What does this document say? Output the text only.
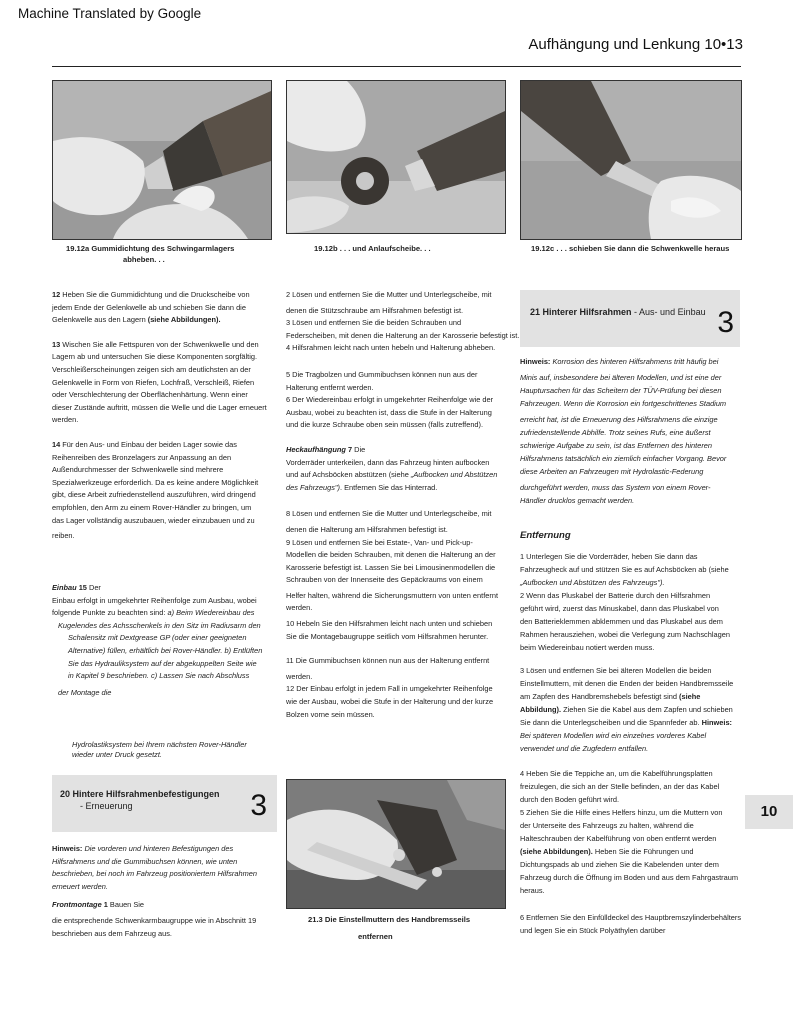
Machine Translated by Google
Aufhängung und Lenkung 10•13
19.12a Gummidichtung des Schwingarmlagers
abheben. . .
19.12b . . . und Anlaufscheibe. . .	19.12c . . . schieben Sie dann die Schwenkwelle heraus
12 Heben Sie die Gummidichtung und die Druckscheibe von
jedem Ende der Gelenkwelle ab und schieben Sie dann die
Gelenkwelle aus den Lagern (siehe Abbildungen).
13 Wischen Sie alle Fettspuren von der Schwenkwelle und den
Lagern ab und untersuchen Sie diese Komponenten sorgfältig.
Verschleißerscheinungen zeigen sich am deutlichsten an der
Gelenkwelle in Form von Riefen, Lochfraß, Verschleiß, Riefen
oder Verschlechterung der Oberflächenhärtung. Wenn einer
dieser Zustände auftritt, müssen die Welle und die Lager erneuert
werden.
14 Für den Aus- und Einbau der beiden Lager sowie das
Reihenreiben des Bronzelagers zur Anpassung an den
Außendurchmesser der Schwenkwelle sind mehrere
Spezialwerkzeuge erforderlich. Da es keine andere Möglichkeit
gibt, diese Arbeit zufriedenstellend auszuführen, wird dringend
empfohlen, den Arm zu einem Rover-Händler zu bringen, um
das Lager vollständig auszubauen, wieder einzubauen und zu
reiben.
Einbau 15 Der
Einbau erfolgt in umgekehrter Reihenfolge zum Ausbau, wobei
folgende Punkte zu beachten sind: a) Beim Wiedereinbau des
Kugelendes des Achsschenkels in den Sitz im Radiusarm den
Schalensitz mit Dextgrease GP (oder einer geeigneten
Alternative) füllen, erhältlich bei Rover-Händler. b) Entlüften
Sie das Hydrauliksystem auf der abgekuppelten Seite wie
in Kapitel 9 beschrieben. c) Lassen Sie nach Abschluss
der Montage die
Hydrolastiksystem bei Ihrem nächsten Rover-Händler
wieder unter Druck gesetzt.
20 Hintere Hilfsrahmenbefestigungen
- Erneuerung	3
Hinweis: Die vorderen und hinteren Befestigungen des
Hilfsrahmens und die Gummibuchsen können, wie unten
beschrieben, bei noch im Fahrzeug positioniertem Hilfsrahmen
erneuert werden.
Frontmontage 1 Bauen Sie
die entsprechende Schwenkarmbaugruppe wie in Abschnitt 19
beschrieben aus dem Fahrzeug aus.
2 Lösen und entfernen Sie die Mutter und Unterlegscheibe, mit
denen die Stützschraube am Hilfsrahmen befestigt ist.
3 Lösen und entfernen Sie die beiden Schrauben und
Federscheiben, mit denen die Halterung an der Karosserie befestigt ist.
4 Hilfsrahmen leicht nach unten hebeln und Halterung abheben.
5 Die Tragbolzen und Gummibuchsen können nun aus der
Halterung entfernt werden.
6 Der Wiedereinbau erfolgt in umgekehrter Reihenfolge wie der
Ausbau, wobei zu beachten ist, dass die Stufe in der Halterung
und die kurze Schraube oben sein müssen (falls zutreffend).
Heckaufhängung 7 Die
Vorderräder unterkeilen, dann das Fahrzeug hinten aufbocken
und auf Achsböcken abstützen (siehe „Aufbocken und Abstützen
des Fahrzeugs"). Entfernen Sie das Hinterrad.
8 Lösen und entfernen Sie die Mutter und Unterlegscheibe, mit
denen die Halterung am Hilfsrahmen befestigt ist.
9 Lösen und entfernen Sie bei Estate-, Van- und Pick-up-
Modellen die beiden Schrauben, mit denen die Halterung an der
Karosserie befestigt ist. Lassen Sie bei Limousinenmodellen die
Schrauben von der Innenseite des Gepäckraums von einem
Helfer halten, während die Sicherungsmuttern von unten entfernt
werden.
10 Hebeln Sie den Hilfsrahmen leicht nach unten und schieben
Sie die Montagebaugruppe seitlich vom Hilfsrahmen herunter.
11 Die Gummibuchsen können nun aus der Halterung entfernt
werden.
12 Der Einbau erfolgt in jedem Fall in umgekehrter Reihenfolge
wie der Ausbau, wobei die Stufe in der Halterung und der kurze
Bolzen vorne sein müssen.
21.3 Die Einstellmuttern des Handbremsseils
entfernen
21 Hinterer Hilfsrahmen - Aus- und Einbau 3
Hinweis: Korrosion des hinteren Hilfsrahmens tritt häufig bei
Minis auf, insbesondere bei älteren Modellen, und ist eine der
Hauptursachen für das Scheitern der TÜV-Prüfung bei diesen
Fahrzeugen. Wenn die Korrosion ein fortgeschrittenes Stadium
erreicht hat, ist die Erneuerung des Hilfsrahmens die einzige
zufriedenstellende Abhilfe. Trotz seines Rufs, eine äußerst
schwierige Aufgabe zu sein, ist das Entfernen des hinteren
Hilfsrahmens tatsächlich ein ziemlich einfacher Vorgang. Bevor
diese Arbeiten an Fahrzeugen mit Hydrolastic-Federung
durchgeführt werden, muss das System von einem Rover-
Händler drucklos gemacht werden.
Entfernung
1 Unterlegen Sie die Vorderräder, heben Sie dann das
Fahrzeugheck auf und stützen Sie es auf Achsböcken ab (siehe
„Aufbocken und Abstützen des Fahrzeugs").
2 Wenn das Pluskabel der Batterie durch den Hilfsrahmen
geführt wird, zuerst das Minuskabel, dann das Pluskabel von
den Batterieklemmen abklemmen und das Pluskabel aus dem
Rahmen herausziehen, wobei die Verlegung zum Nachschlagen
beim Wiedereinbau notiert werden muss.
3 Lösen und entfernen Sie bei älteren Modellen die beiden
Einstellmuttern, mit denen die Enden der beiden Handbremsseile
am Zapfen des Handbremshebels befestigt sind (siehe
Abbildung). Ziehen Sie die Kabel aus dem Zapfen und schieben
Sie dann die Unterlegscheiben und die Spannfeder ab. Hinweis:
Bei späteren Modellen wird ein einzelnes vorderes Kabel
verwendet und die Zugfedern entfallen.
4 Heben Sie die Teppiche an, um die Kabelführungsplatten
freizulegen, die sich an der Stelle befinden, an der das Kabel
durch den Boden geführt wird.
5 Ziehen Sie die Hilfe eines Helfers hinzu, um die Muttern von
der Unterseite des Fahrzeugs zu halten, während die
Halteschrauben der Kabelführung von oben entfernt werden
(siehe Abbildungen). Heben Sie die Führungen und
Dichtungspads ab und ziehen Sie die Kabelenden unter dem
Fahrzeug durch die Öffnung im Boden und aus dem Fahrgastraum
heraus.
6 Entfernen Sie den Einfülldeckel des Hauptbremszylinderbehälters
und legen Sie ein Stück Polyäthylen darüber
10
